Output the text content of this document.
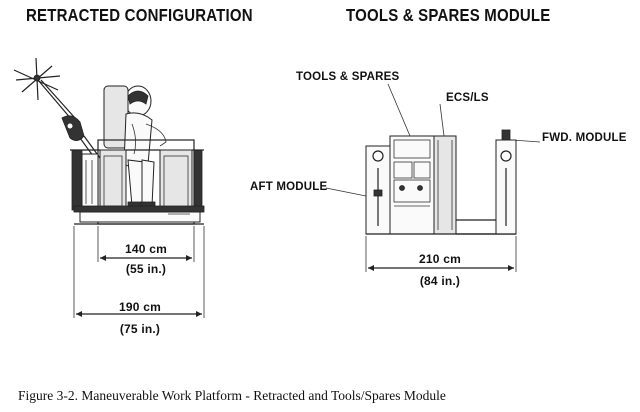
RETRACTED CONFIGURATION	TOOLS & SPARES MODULE
TOOLS & SPARES
ECS/LS
FWD. MODULE
AFT MODULE
140 cm
(55 in.)
190 cm
(75 in.)
210 cm
(84 in.)
Figure 3-2. Maneuverable Work Platform - Retracted and Tools/Spares Module
